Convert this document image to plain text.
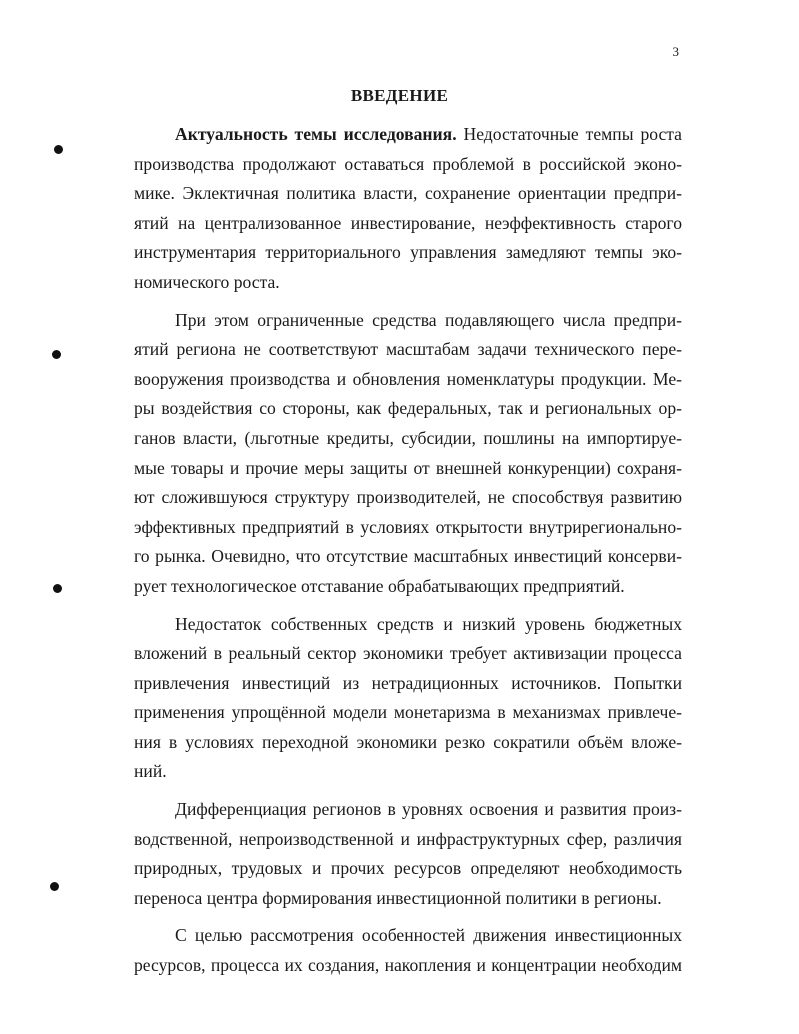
3
ВВЕДЕНИЕ
Актуальность темы исследования. Недостаточные темпы роста
производства продолжают оставаться проблемой в российской эконо-
мике. Эклектичная политика власти, сохранение ориентации предпри-
ятий на централизованное инвестирование, неэффективность старого
инструментария территориального управления замедляют темпы эко-
номического роста.
При этом ограниченные средства подавляющего числа предпри-
ятий региона не соответствуют масштабам задачи технического пере-
вооружения производства и обновления номенклатуры продукции. Ме-
ры воздействия со стороны, как федеральных, так и региональных ор-
ганов власти, (льготные кредиты, субсидии, пошлины на импортируе-
мые товары и прочие меры защиты от внешней конкуренции) сохраня-
ют сложившуюся структуру производителей, не способствуя развитию
эффективных предприятий в условиях открытости внутрирегионально-
го рынка. Очевидно, что отсутствие масштабных инвестиций консерви-
рует технологическое отставание обрабатывающих предприятий.
Недостаток собственных средств и низкий уровень бюджетных
вложений в реальный сектор экономики требует активизации процесса
привлечения инвестиций из нетрадиционных источников. Попытки
применения упрощённой модели монетаризма в механизмах привлече-
ния в условиях переходной экономики резко сократили объём вложе-
ний.
Дифференциация регионов в уровнях освоения и развития произ-
водственной, непроизводственной и инфраструктурных сфер, различия
природных, трудовых и прочих ресурсов определяют необходимость
переноса центра формирования инвестиционной политики в регионы.
С целью рассмотрения особенностей движения инвестиционных
ресурсов, процесса их создания, накопления и концентрации необходим
